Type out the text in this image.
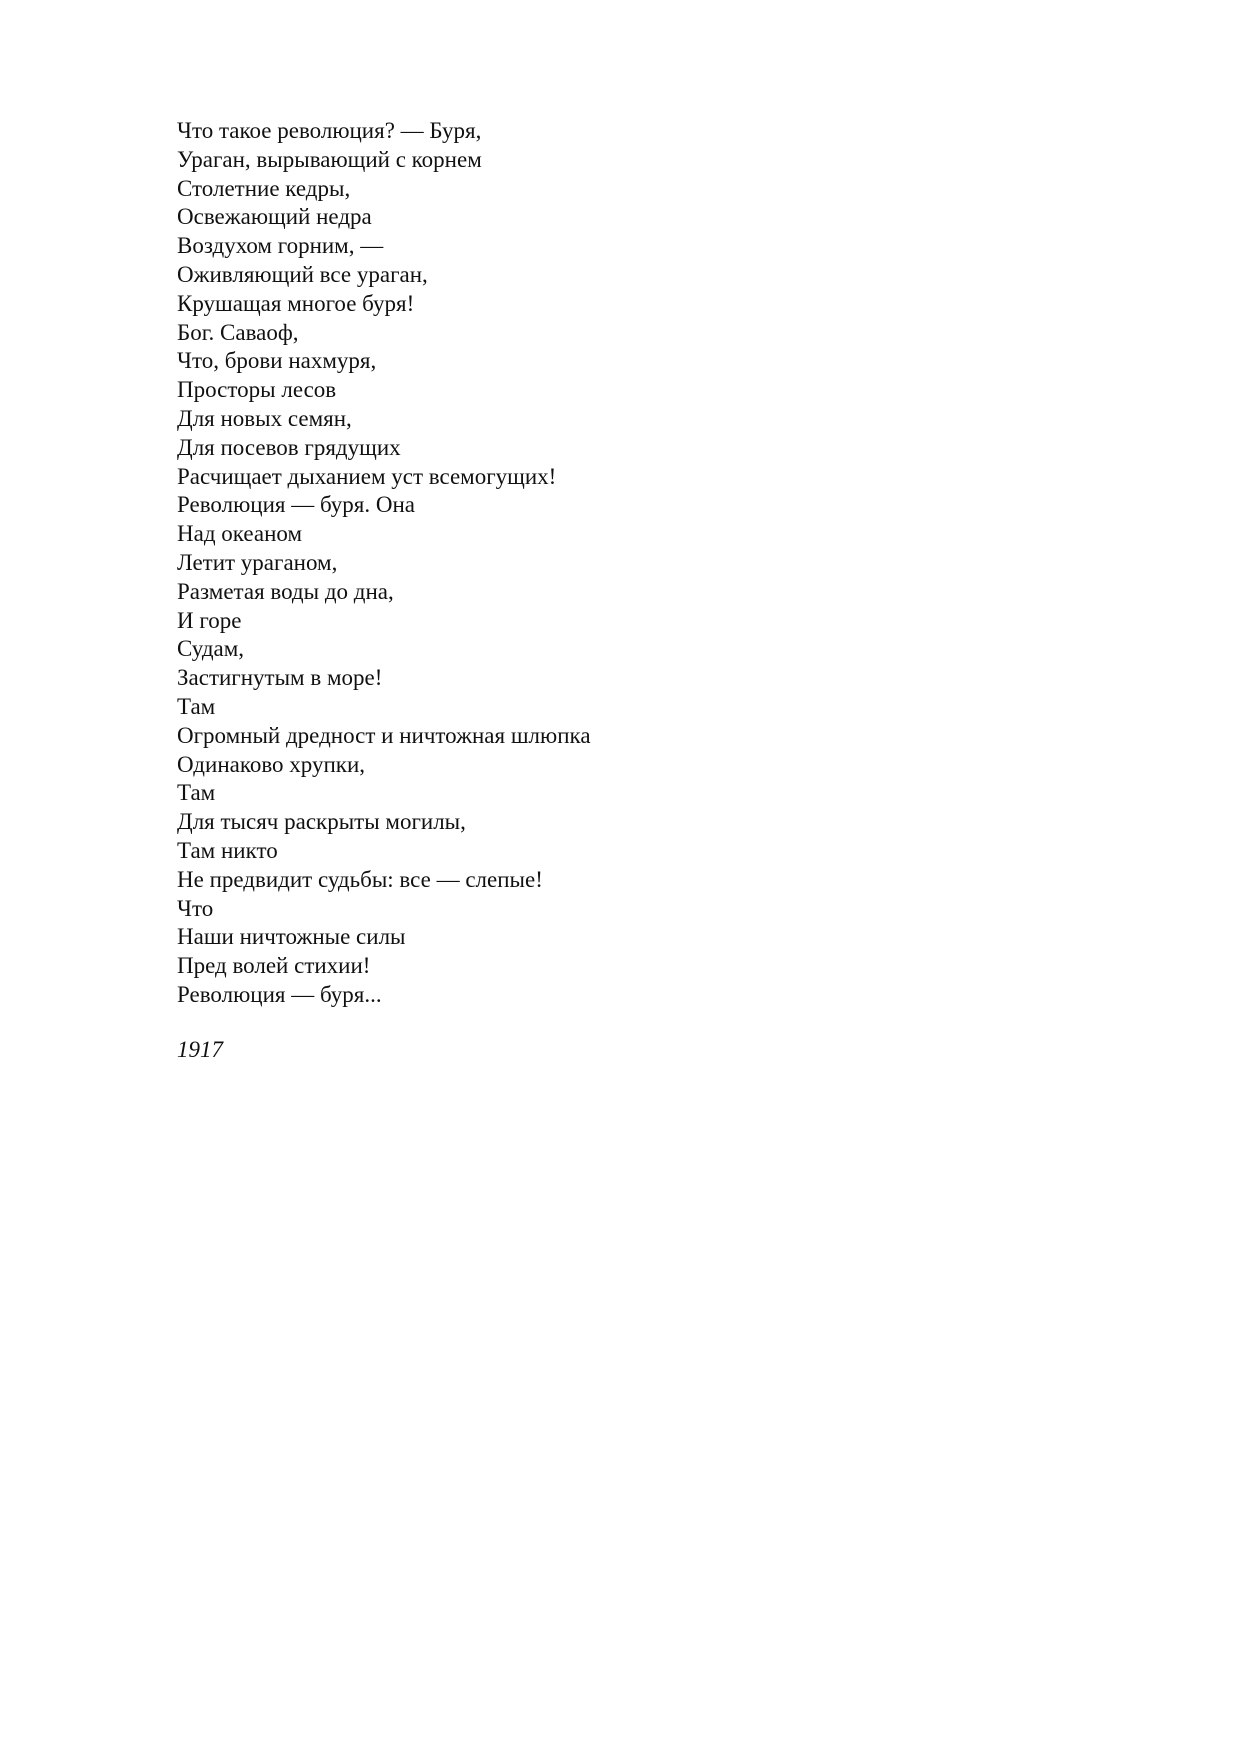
Что такое революция? — Буря,
Ураган, вырывающий с корнем
Столетние кедры,
Освежающий недра
Воздухом горним, —
Оживляющий все ураган,
Крушащая многое буря!
Бог. Саваоф,
Что, брови нахмуря,
Просторы лесов
Для новых семян,
Для посевов грядущих
Расчищает дыханием уст всемогущих!
Революция — буря. Она
Над океаном
Летит ураганом,
Разметая воды до дна,
И горе
Судам,
Застигнутым в море!
Там
Огромный дредност и ничтожная шлюпка
Одинаково хрупки,
Там
Для тысяч раскрыты могилы,
Там никто
Не предвидит судьбы: все — слепые!
Что
Наши ничтожные силы
Пред волей стихии!
Революция — буря...
1917
